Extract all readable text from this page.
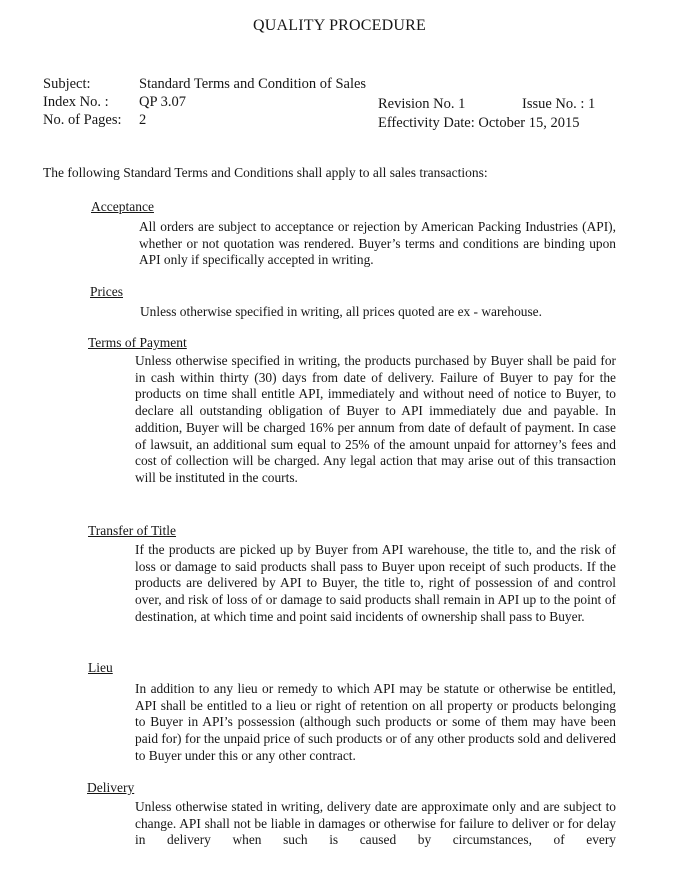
QUALITY PROCEDURE
Subject:	Standard Terms and Condition of Sales
Index No. : QP 3.07
No. of Pages: 2
Revision No. 1	Issue No. : 1
Effectivity Date: October 15, 2015
The following Standard Terms and Conditions shall apply to all sales transactions:
Acceptance

All orders are subject to acceptance or rejection by American Packing Industries (API), whether or not quotation was rendered. Buyer’s terms and conditions are binding upon API only if specifically accepted in writing.

Prices

Unless otherwise specified in writing, all prices quoted are ex - warehouse.

Terms of Payment

Unless otherwise specified in writing, the products purchased by Buyer shall be paid for in cash within thirty (30) days from date of delivery. Failure of Buyer to pay for the products on time shall entitle API, immediately and without need of notice to Buyer, to declare all outstanding obligation of Buyer to API immediately due and payable. In addition, Buyer will be charged 16% per annum from date of default of payment. In case of lawsuit, an additional sum equal to 25% of the amount unpaid for attorney’s fees and cost of collection will be charged. Any legal action that may arise out of this transaction will be instituted in the courts.

Transfer of Title

If the products are picked up by Buyer from API warehouse, the title to, and the risk of loss or damage to said products shall pass to Buyer upon receipt of such products. If the products are delivered by API to Buyer, the title to, right of possession of and control over, and risk of loss of or damage to said products shall remain in API up to the point of destination, at which time and point said incidents of ownership shall pass to Buyer.

Lieu

In addition to any lieu or remedy to which API may be statute or otherwise be entitled, API shall be entitled to a lieu or right of retention on all property or products belonging to Buyer in API’s possession (although such products or some of them may have been paid for) for the unpaid price of such products or of any other products sold and delivered to Buyer under this or any other contract.

Delivery

Unless otherwise stated in writing, delivery date are approximate only and are subject to change. API shall not be liable in damages or otherwise for failure to deliver or for delay in delivery when such is caused by circumstances, of every
